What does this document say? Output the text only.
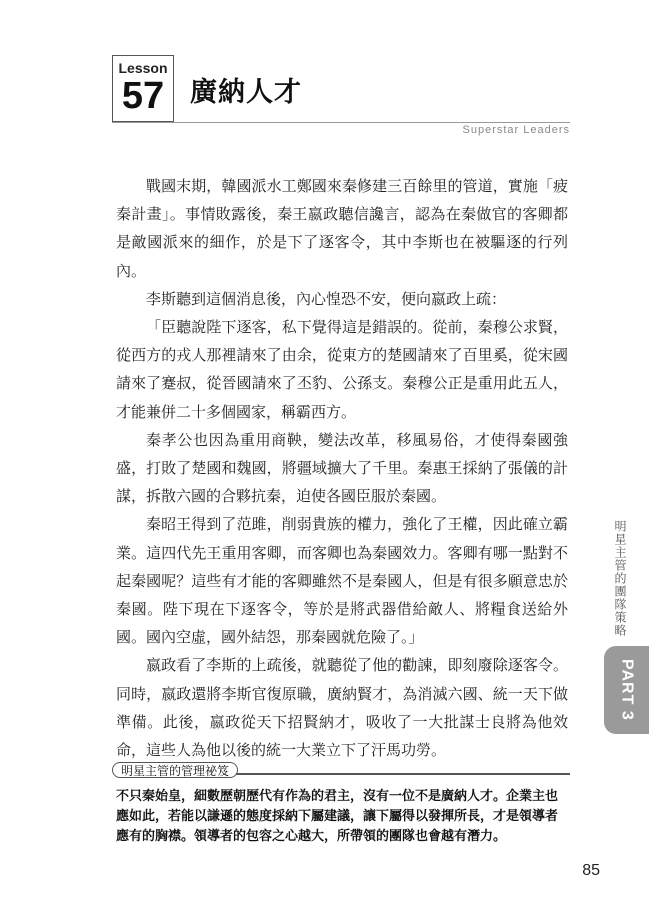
Lesson
57 廣納人才
Superstar Leaders

戰國末期，韓國派水工鄭國來秦修建三百餘里的管道，實施「疲秦計畫」。事情敗露後，秦王嬴政聽信讒言，認為在秦做官的客卿都是敵國派來的細作，於是下了逐客令，其中李斯也在被驅逐的行列內。

李斯聽到這個消息後，內心惶恐不安，便向嬴政上疏：

「臣聽說陛下逐客，私下覺得這是錯誤的。從前，秦穆公求賢，從西方的戎人那裡請來了由余，從東方的楚國請來了百里奚，從宋國請來了蹇叔，從晉國請來了丕豹、公孫支。秦穆公正是重用此五人，才能兼併二十多個國家，稱霸西方。

秦孝公也因為重用商鞅，變法改革，移風易俗，才使得秦國強盛，打敗了楚國和魏國，將疆域擴大了千里。秦惠王採納了張儀的計謀，拆散六國的合夥抗秦，迫使各國臣服於秦國。

秦昭王得到了范雎，削弱貴族的權力，強化了王權，因此確立霸業。這四代先王重用客卿，而客卿也為秦國效力。客卿有哪一點對不起秦國呢？這些有才能的客卿雖然不是秦國人，但是有很多願意忠於秦國。陛下現在下逐客令，等於是將武器借給敵人、將糧食送給外國。國內空虛，國外結怨，那秦國就危險了。」

嬴政看了李斯的上疏後，就聽從了他的勸諫，即刻廢除逐客令。同時，嬴政還將李斯官復原職，廣納賢才，為消滅六國、統一天下做準備。此後，嬴政從天下招賢納才，吸收了一大批謀士良將為他效命，這些人為他以後的統一大業立下了汗馬功勞。

明星主管的管理祕笈
不只秦始皇，細數歷朝歷代有作為的君主，沒有一位不是廣納人才。企業主也應如此，若能以謙遜的態度採納下屬建議，讓下屬得以發揮所長，才是領導者應有的胸襟。領導者的包容之心越大，所帶領的團隊也會越有潛力。
明星主管的團隊策略
PART 3
85
